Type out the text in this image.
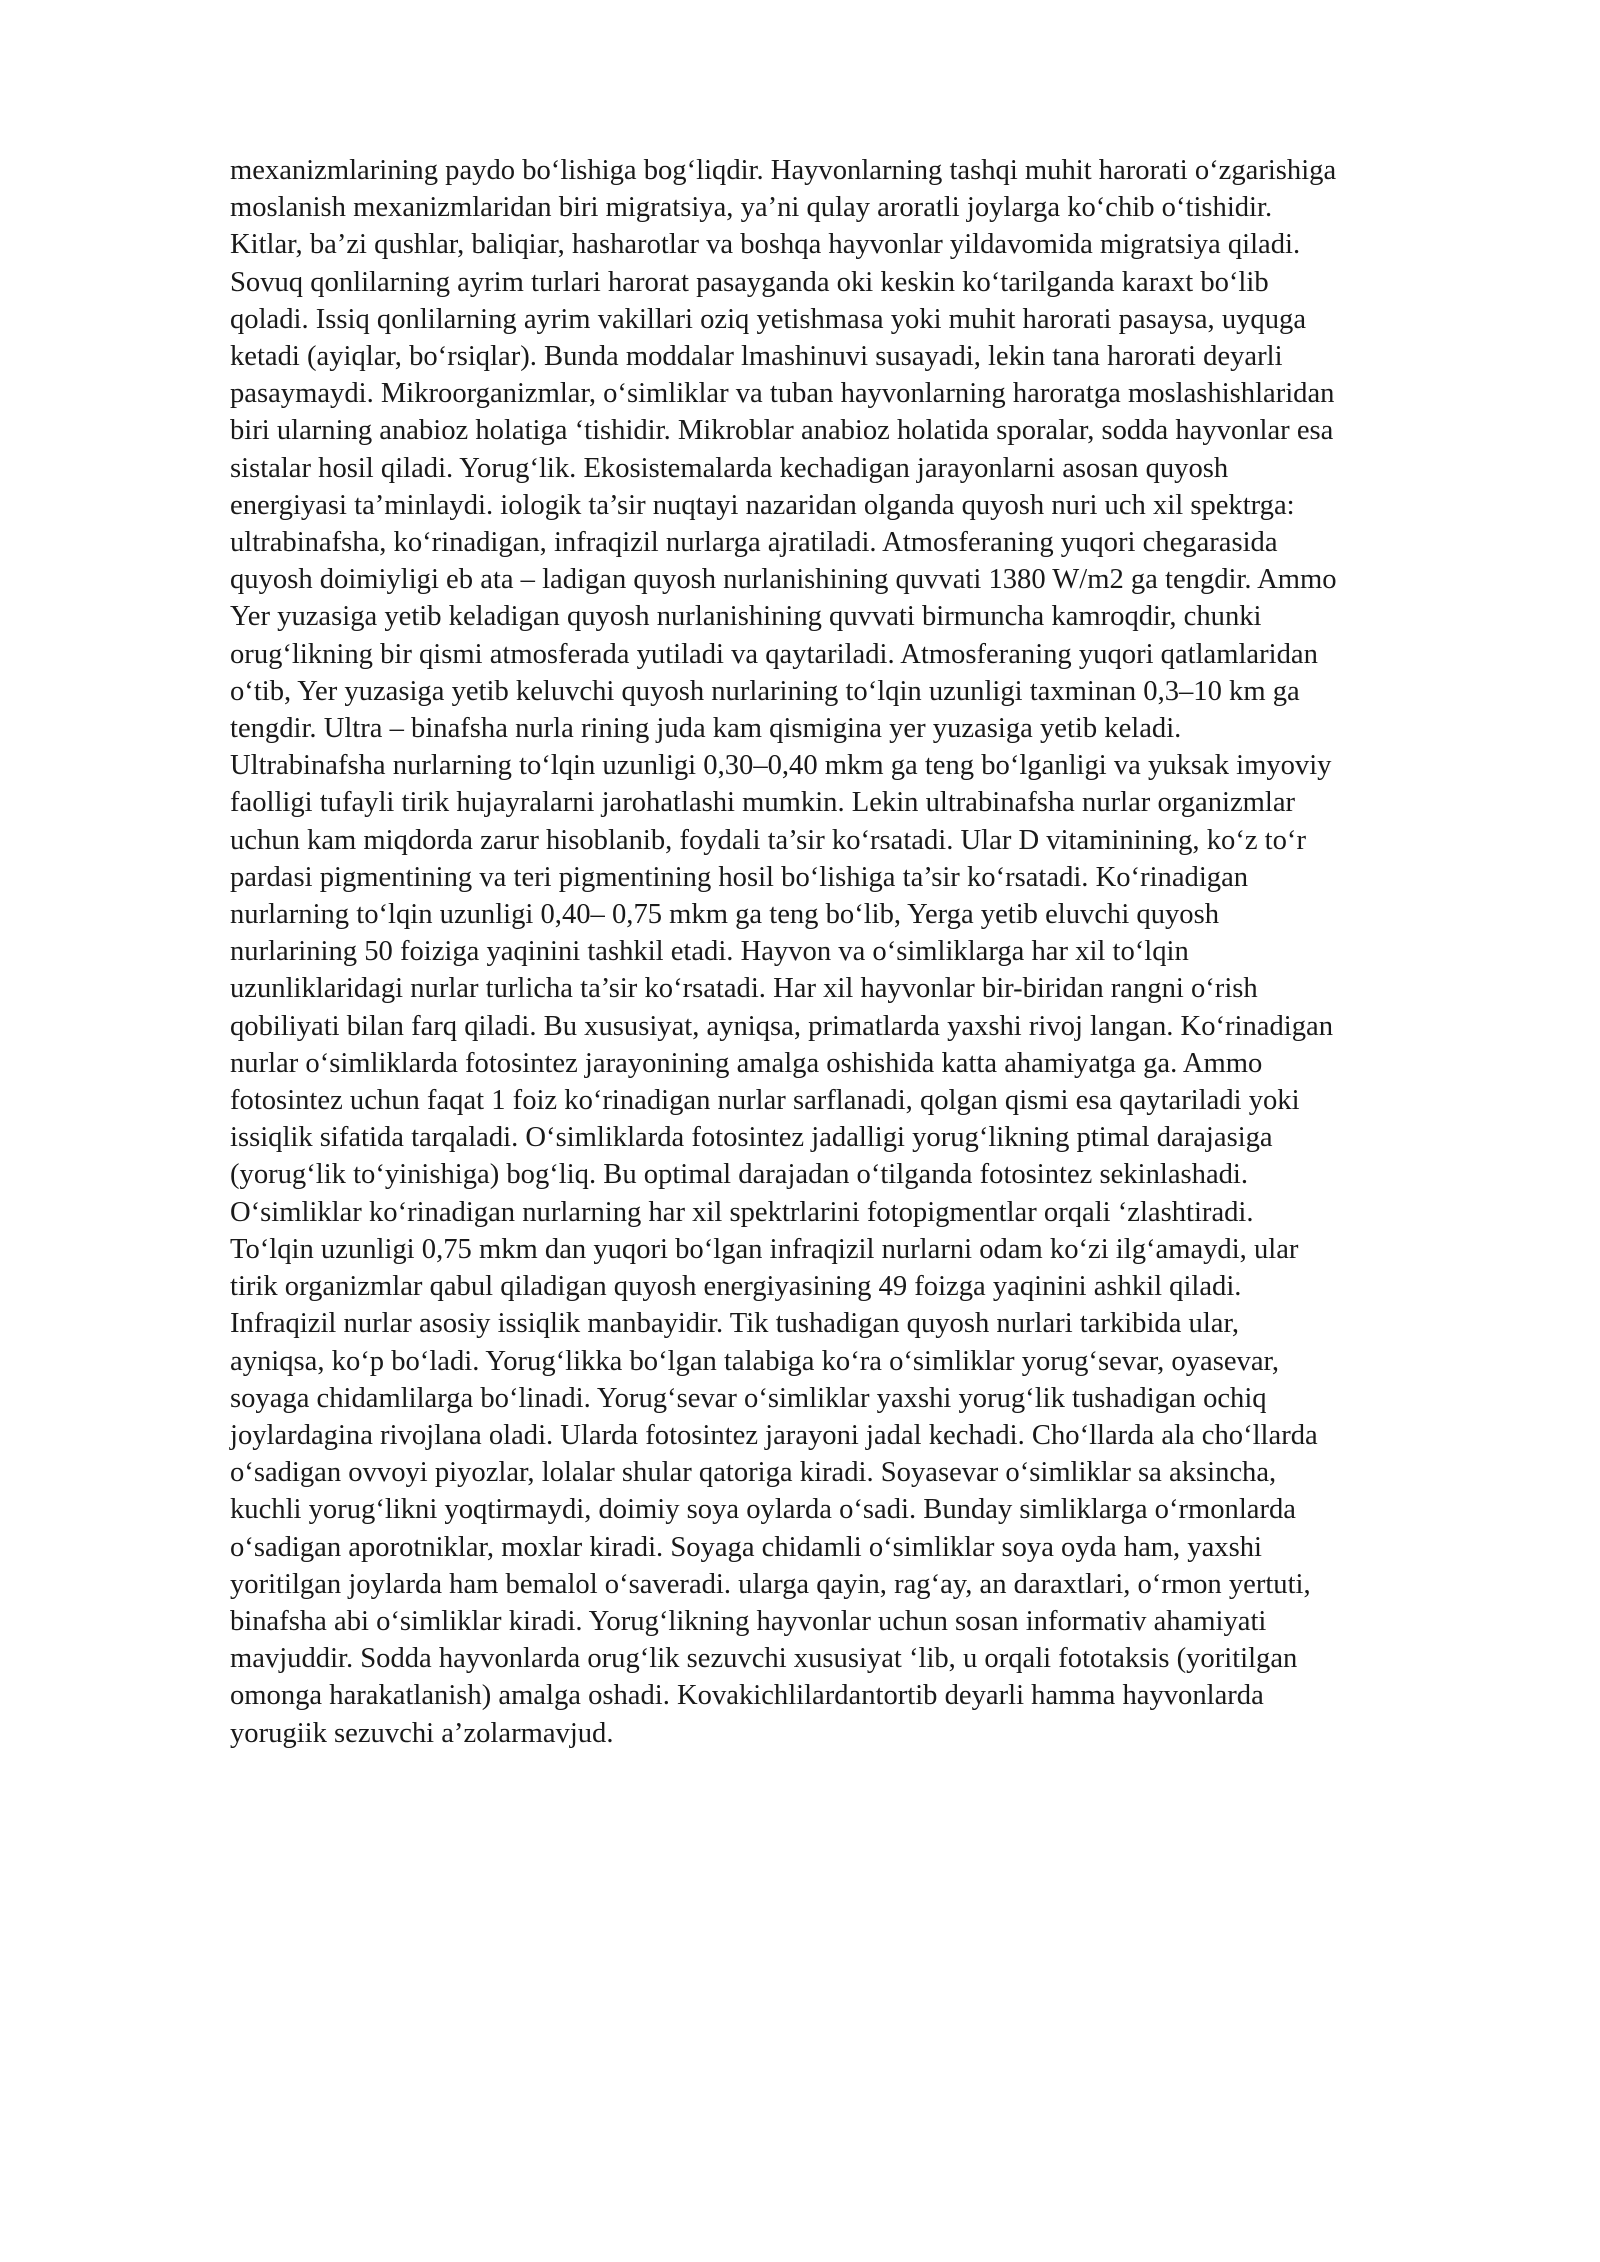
mexanizmlarining paydo bo‘lishiga bog‘liqdir. Hayvonlarning tashqi muhit harorati o‘zgarishiga
moslanish mexanizmlaridan biri migratsiya, ya’ni qulay aroratli joylarga ko‘chib o‘tishidir.
Kitlar, ba’zi qushlar, baliqiar, hasharotlar va boshqa hayvonlar yildavomida migratsiya qiladi.
Sovuq qonlilarning ayrim turlari harorat pasayganda oki keskin ko‘tarilganda karaxt bo‘lib
qoladi. Issiq qonlilarning ayrim vakillari oziq yetishmasa yoki muhit harorati pasaysa, uyquga
ketadi (ayiqlar, bo‘rsiqlar). Bunda moddalar lmashinuvi susayadi, lekin tana harorati deyarli
pasaymaydi. Mikroorganizmlar, o‘simliklar va tuban hayvonlarning haroratga moslashishlaridan
biri ularning anabioz holatiga ‘tishidir. Mikroblar anabioz holatida sporalar, sodda hayvonlar esa
sistalar hosil qiladi. Yorug‘lik. Ekosistemalarda kechadigan jarayonlarni asosan quyosh
energiyasi ta’minlaydi. iologik ta’sir nuqtayi nazaridan olganda quyosh nuri uch xil spektrga:
ultrabinafsha, ko‘rinadigan, infraqizil nurlarga ajratiladi. Atmosferaning yuqori chegarasida
quyosh doimiyligi eb ata – ladigan quyosh nurlanishining quvvati 1380 W/m2 ga tengdir. Ammo
Yer yuzasiga yetib keladigan quyosh nurlanishining quvvati birmuncha kamroqdir, chunki
orug‘likning bir qismi atmosferada yutiladi va qaytariladi. Atmosferaning yuqori qatlamlaridan
o‘tib, Yer yuzasiga yetib keluvchi quyosh nurlarining to‘lqin uzunligi taxminan 0,3–10 km ga
tengdir. Ultra – binafsha nurla rining juda kam qismigina yer yuzasiga yetib keladi.
Ultrabinafsha nurlarning to‘lqin uzunligi 0,30–0,40 mkm ga teng bo‘lganligi va yuksak imyoviy
faolligi tufayli tirik hujayralarni jarohatlashi mumkin. Lekin ultrabinafsha nurlar organizmlar
uchun kam miqdorda zarur hisoblanib, foydali ta’sir ko‘rsatadi. Ular D vitaminining, ko‘z to‘r
pardasi pigmentining va teri pigmentining hosil bo‘lishiga ta’sir ko‘rsatadi. Ko‘rinadigan
nurlarning to‘lqin uzunligi 0,40– 0,75 mkm ga teng bo‘lib, Yerga yetib eluvchi quyosh
nurlarining 50 foiziga yaqinini tashkil etadi. Hayvon va o‘simliklarga har xil to‘lqin
uzunliklaridagi nurlar turlicha ta’sir ko‘rsatadi. Har xil hayvonlar bir-biridan rangni o‘rish
qobiliyati bilan farq qiladi. Bu xususiyat, ayniqsa, primatlarda yaxshi rivoj langan. Ko‘rinadigan
nurlar o‘simliklarda fotosintez jarayonining amalga oshishida katta ahamiyatga ga. Ammo
fotosintez uchun faqat 1 foiz ko‘rinadigan nurlar sarflanadi, qolgan qismi esa qaytariladi yoki
issiqlik sifatida tarqaladi. O‘simliklarda fotosintez jadalligi yorug‘likning ptimal darajasiga
(yorug‘lik to‘yinishiga) bog‘liq. Bu optimal darajadan o‘tilganda fotosintez sekinlashadi.
O‘simliklar ko‘rinadigan nurlarning har xil spektrlarini fotopigmentlar orqali ‘zlashtiradi.
To‘lqin uzunligi 0,75 mkm dan yuqori bo‘lgan infraqizil nurlarni odam ko‘zi ilg‘amaydi, ular
tirik organizmlar qabul qiladigan quyosh energiyasining 49 foizga yaqinini ashkil qiladi.
Infraqizil nurlar asosiy issiqlik manbayidir. Tik tushadigan quyosh nurlari tarkibida ular,
ayniqsa, ko‘p bo‘ladi. Yorug‘likka bo‘lgan talabiga ko‘ra o‘simliklar yorug‘sevar, oyasevar,
soyaga chidamlilarga bo‘linadi. Yorug‘sevar o‘simliklar yaxshi yorug‘lik tushadigan ochiq
joylardagina rivojlana oladi. Ularda fotosintez jarayoni jadal kechadi. Cho‘llarda ala cho‘llarda
o‘sadigan ovvoyi piyozlar, lolalar shular qatoriga kiradi. Soyasevar o‘simliklar sa aksincha,
kuchli yorug‘likni yoqtirmaydi, doimiy soya oylarda o‘sadi. Bunday simliklarga o‘rmonlarda
o‘sadigan aporotniklar, moxlar kiradi. Soyaga chidamli o‘simliklar soya oyda ham, yaxshi
yoritilgan joylarda ham bemalol o‘saveradi. ularga qayin, rag‘ay, an daraxtlari, o‘rmon yertuti,
binafsha abi o‘simliklar kiradi. Yorug‘likning hayvonlar uchun sosan informativ ahamiyati
mavjuddir. Sodda hayvonlarda orug‘lik sezuvchi xususiyat ‘lib, u orqali fototaksis (yoritilgan
omonga harakatlanish) amalga oshadi. Kovakichlilardantortib deyarli hamma hayvonlarda
yorugiik sezuvchi a’zolarmavjud.
